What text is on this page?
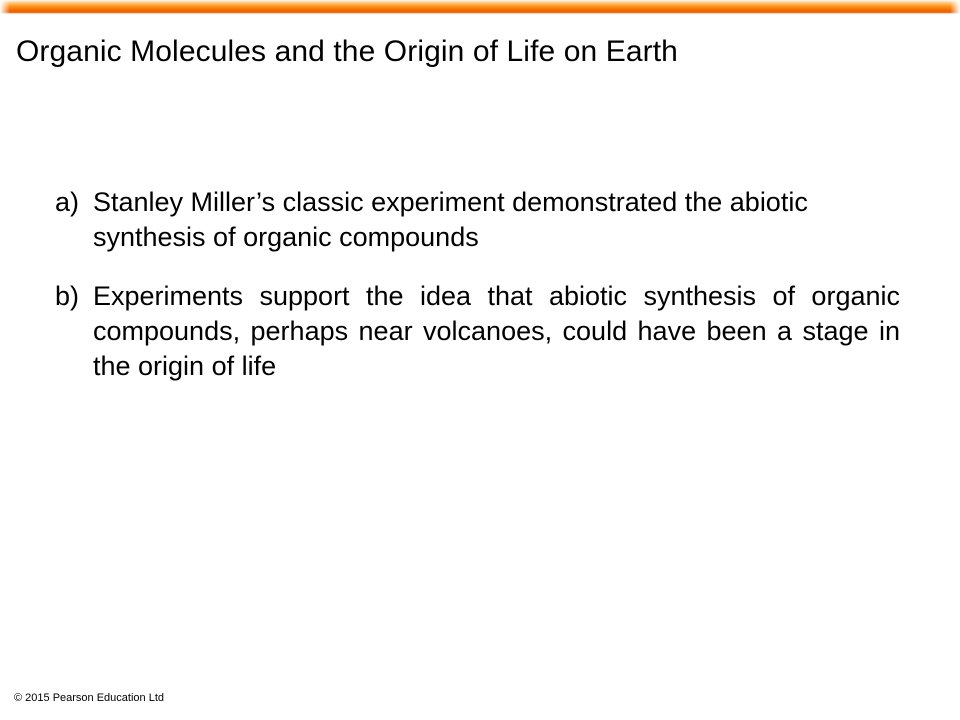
Organic Molecules and the Origin of Life on Earth
a) Stanley Miller’s classic experiment demonstrated the abiotic synthesis of organic compounds
b) Experiments support the idea that abiotic synthesis of organic compounds, perhaps near volcanoes, could have been a stage in the origin of life
© 2015 Pearson Education Ltd
